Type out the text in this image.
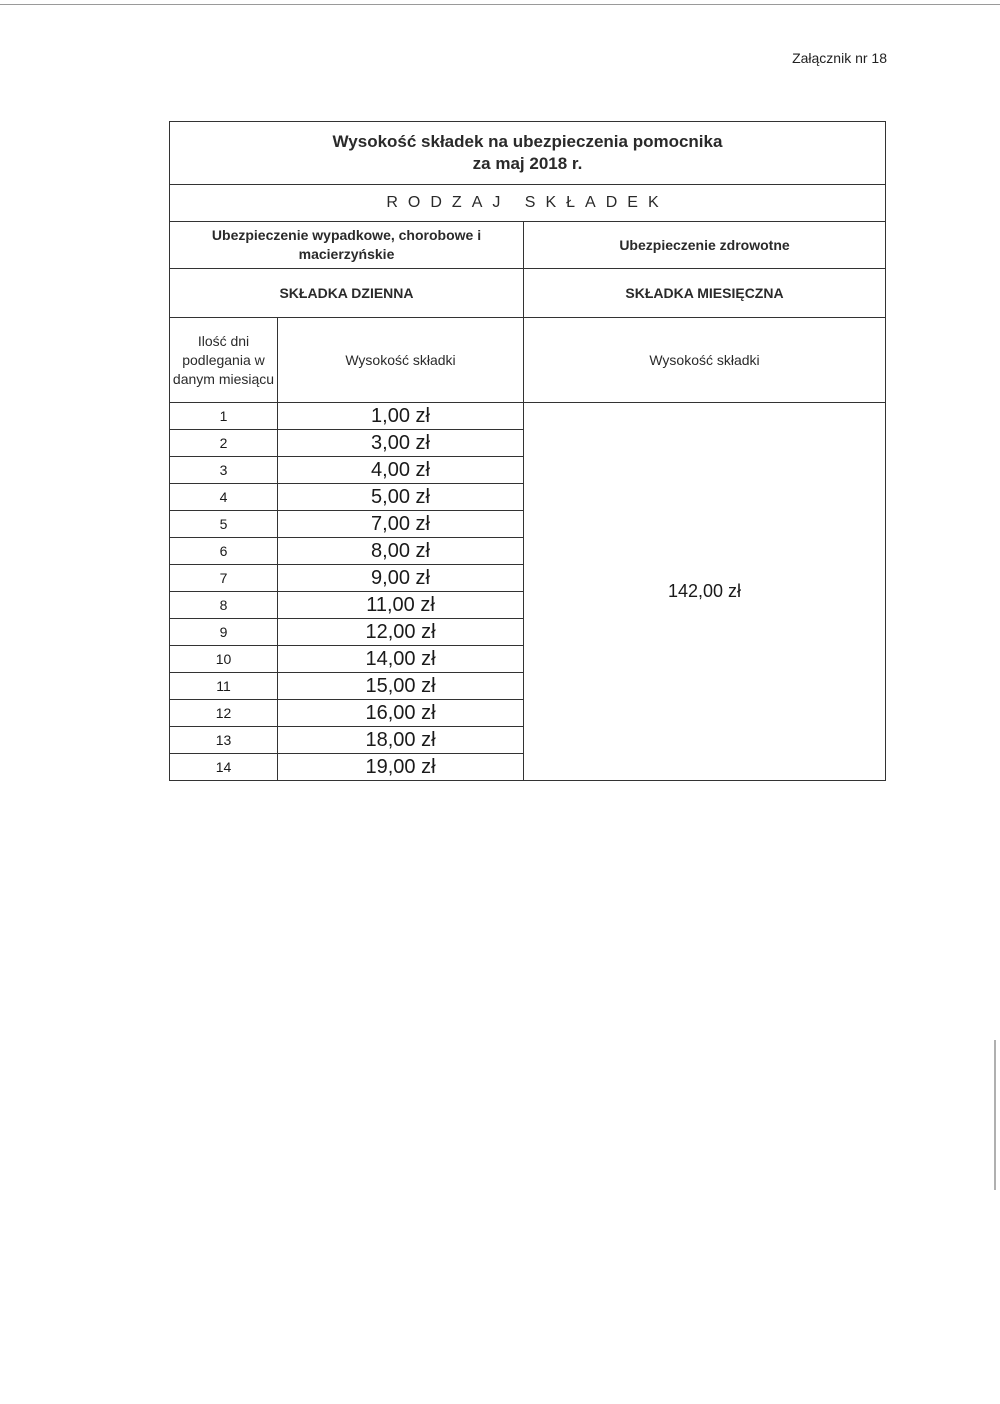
Załącznik nr 18
Wysokość składek na ubezpieczenia pomocnika
za maj 2018 r.		

RODZAJ SKŁADEK		
Ubezpieczenie wypadkowe, chorobowe i macierzyńskie		Ubezpieczenie zdrowotne
SKŁADKA DZIENNA		SKŁADKA MIESIĘCZNA
Ilość dni podlegania w danym miesiącu	Wysokość składki	Wysokość składki
1	1,00 zł	142,00 zł
2	3,00 zł	
3	4,00 zł	
4	5,00 zł	
5	7,00 zł	
6	8,00 zł	
7	9,00 zł	
8	11,00 zł	
9	12,00 zł	
10	14,00 zł	
11	15,00 zł	
12	16,00 zł	
13	18,00 zł	
14	19,00 zł	
